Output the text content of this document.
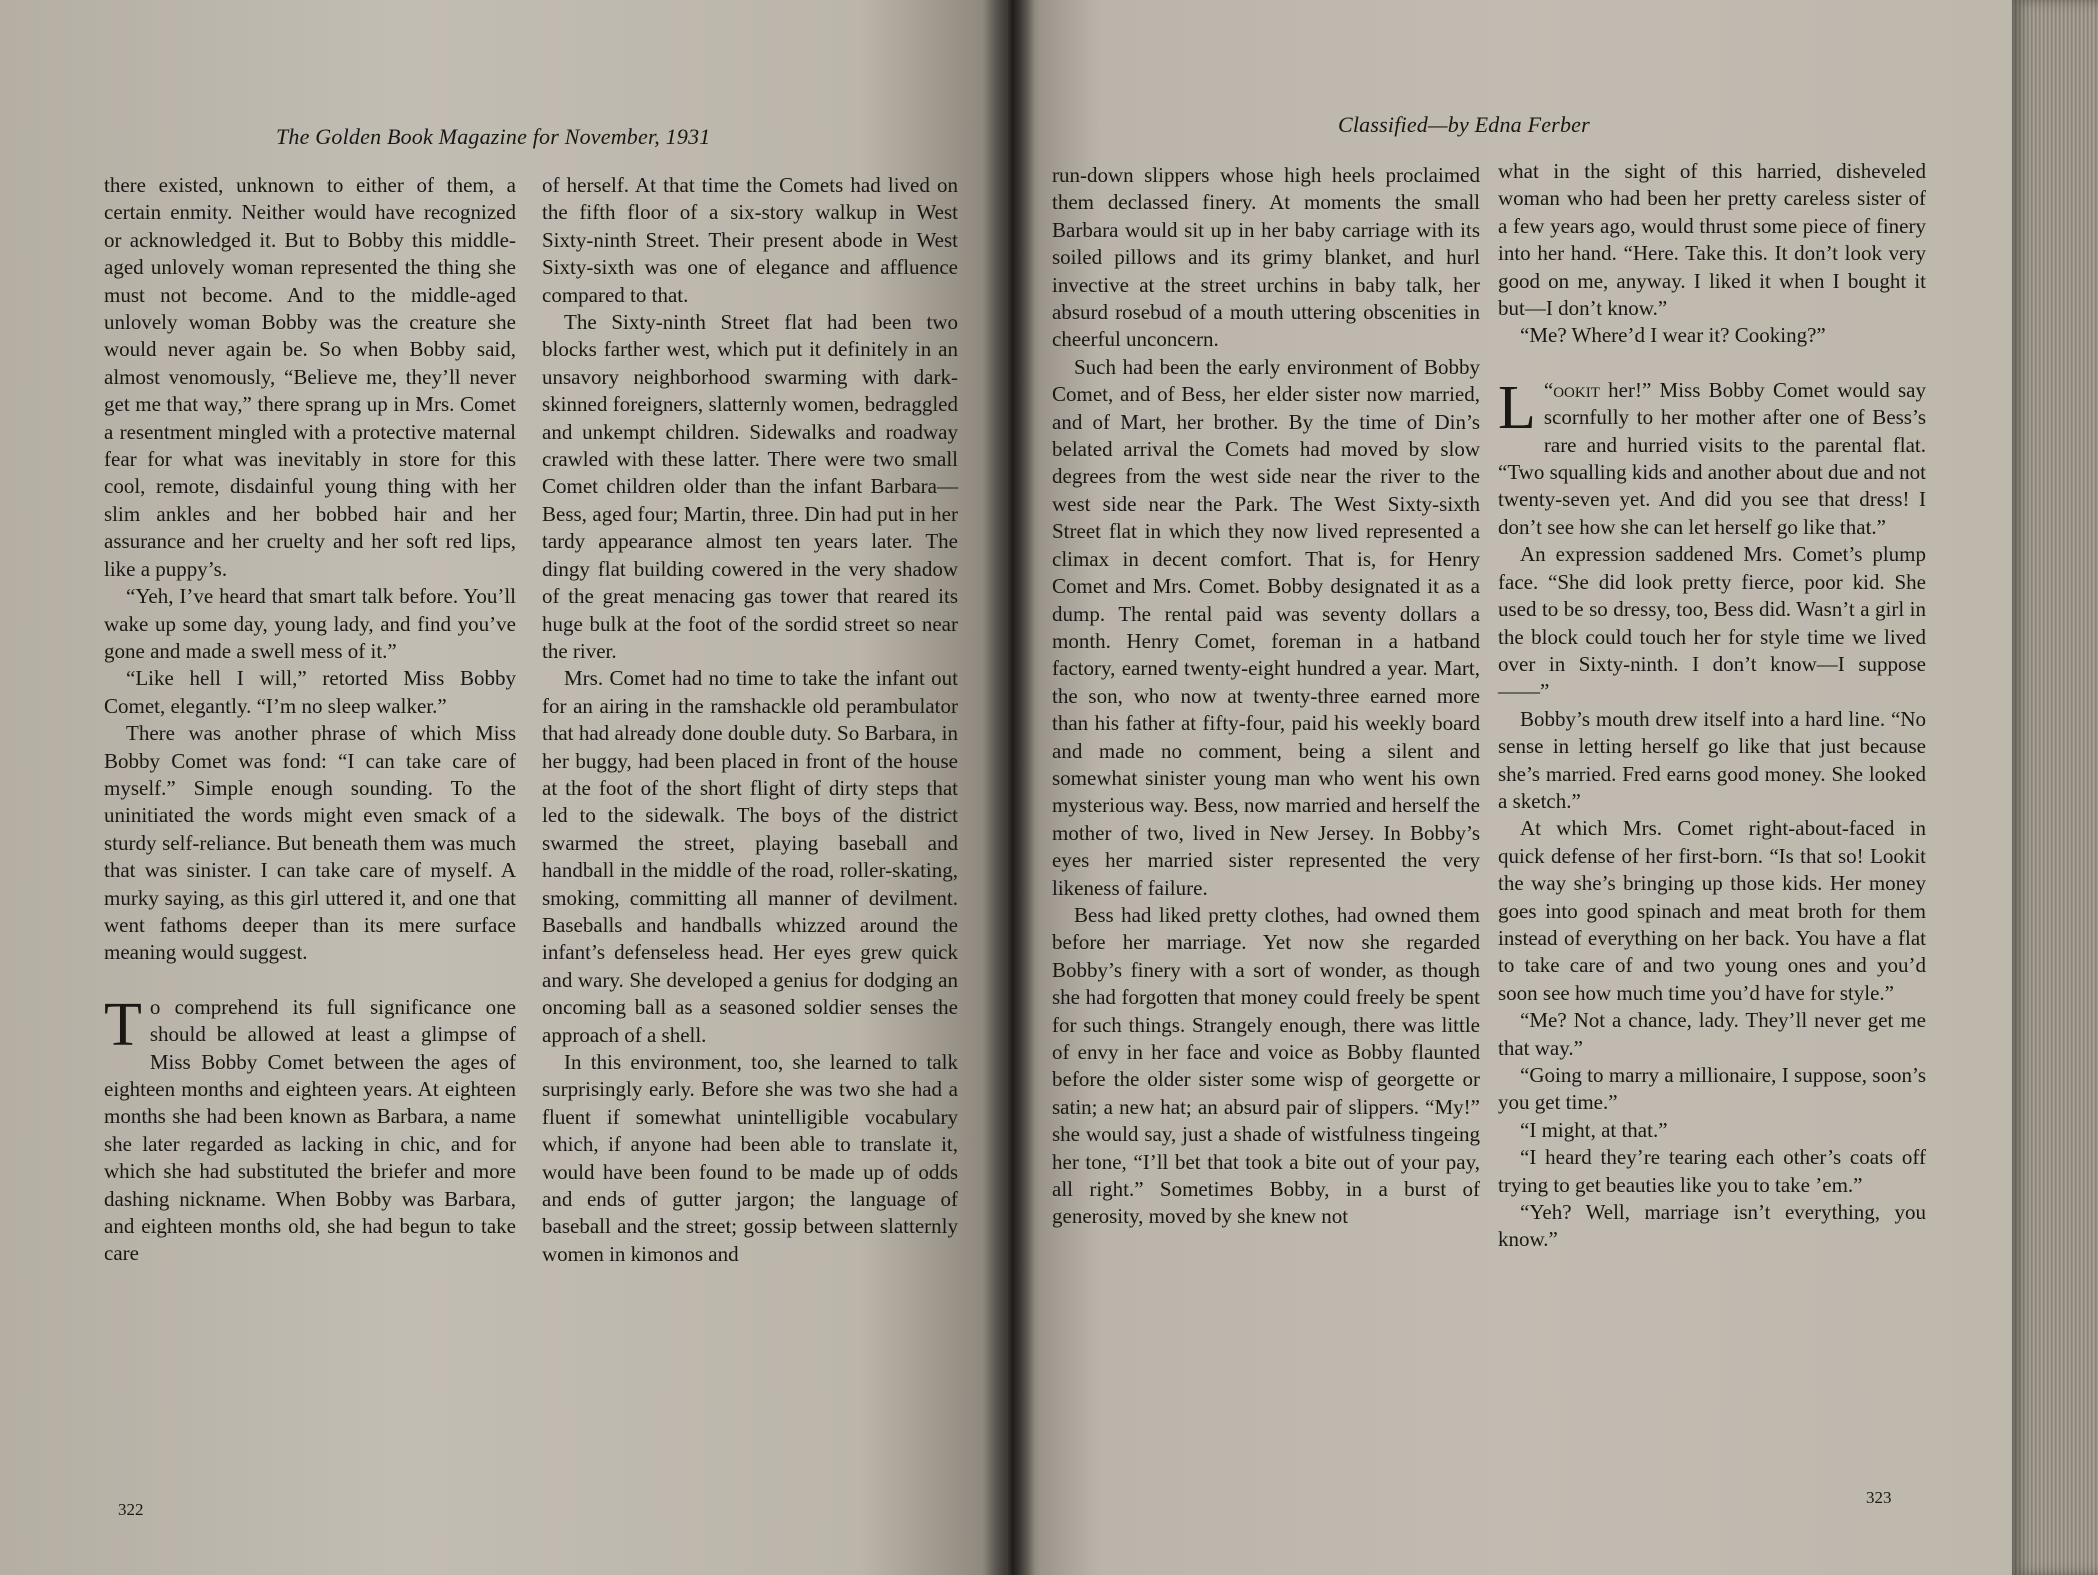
The Golden Book Magazine for November, 1931

there existed, unknown to either of them, a certain enmity. Neither would have recognized or acknowledged it. But to Bobby this middle-aged unlovely woman represented the thing she must not become. And to the middle-aged unlovely woman Bobby was the creature she would never again be. So when Bobby said, almost venomously, “Believe me, they’ll never get me that way,” there sprang up in Mrs. Comet a resentment mingled with a protective maternal fear for what was inevitably in store for this cool, remote, disdainful young thing with her slim ankles and her bobbed hair and her assurance and her cruelty and her soft red lips, like a puppy’s.

“Yeh, I’ve heard that smart talk before. You’ll wake up some day, young lady, and find you’ve gone and made a swell mess of it.”

“Like hell I will,” retorted Miss Bobby Comet, elegantly. “I’m no sleep walker.”

There was another phrase of which Miss Bobby Comet was fond: “I can take care of myself.” Simple enough sounding. To the uninitiated the words might even smack of a sturdy self-reliance. But beneath them was much that was sinister. I can take care of myself. A murky saying, as this girl uttered it, and one that went fathoms deeper than its mere surface meaning would suggest.

To comprehend its full significance one should be allowed at least a glimpse of Miss Bobby Comet between the ages of eighteen months and eighteen years. At eighteen months she had been known as Barbara, a name she later regarded as lacking in chic, and for which she had substituted the briefer and more dashing nickname. When Bobby was Barbara, and eighteen months old, she had begun to take care

of herself. At that time the Comets had lived on the fifth floor of a six-story walkup in West Sixty-ninth Street. Their present abode in West Sixty-sixth was one of elegance and affluence compared to that.

The Sixty-ninth Street flat had been two blocks farther west, which put it definitely in an unsavory neighborhood swarming with dark-skinned foreigners, slatternly women, bedraggled and unkempt children. Sidewalks and roadway crawled with these latter. There were two small Comet children older than the infant Barbara—Bess, aged four; Martin, three. Din had put in her tardy appearance almost ten years later. The dingy flat building cowered in the very shadow of the great menacing gas tower that reared its huge bulk at the foot of the sordid street so near the river.

Mrs. Comet had no time to take the infant out for an airing in the ramshackle old perambulator that had already done double duty. So Barbara, in her buggy, had been placed in front of the house at the foot of the short flight of dirty steps that led to the sidewalk. The boys of the district swarmed the street, playing baseball and handball in the middle of the road, roller-skating, smoking, committing all manner of devilment. Baseballs and handballs whizzed around the infant’s defenseless head. Her eyes grew quick and wary. She developed a genius for dodging an oncoming ball as a seasoned soldier senses the approach of a shell.

In this environment, too, she learned to talk surprisingly early. Before she was two she had a fluent if somewhat unintelligible vocabulary which, if anyone had been able to translate it, would have been found to be made up of odds and ends of gutter jargon; the language of baseball and the street; gossip between slatternly women in kimonos and

322
Classified—by Edna Ferber

run-down slippers whose high heels proclaimed them declassed finery. At moments the small Barbara would sit up in her baby carriage with its soiled pillows and its grimy blanket, and hurl invective at the street urchins in baby talk, her absurd rosebud of a mouth uttering obscenities in cheerful unconcern.

Such had been the early environment of Bobby Comet, and of Bess, her elder sister now married, and of Mart, her brother. By the time of Din’s belated arrival the Comets had moved by slow degrees from the west side near the river to the west side near the Park. The West Sixty-sixth Street flat in which they now lived represented a climax in decent comfort. That is, for Henry Comet and Mrs. Comet. Bobby designated it as a dump. The rental paid was seventy dollars a month. Henry Comet, foreman in a hatband factory, earned twenty-eight hundred a year. Mart, the son, who now at twenty-three earned more than his father at fifty-four, paid his weekly board and made no comment, being a silent and somewhat sinister young man who went his own mysterious way. Bess, now married and herself the mother of two, lived in New Jersey. In Bobby’s eyes her married sister represented the very likeness of failure.

Bess had liked pretty clothes, had owned them before her marriage. Yet now she regarded Bobby’s finery with a sort of wonder, as though she had forgotten that money could freely be spent for such things. Strangely enough, there was little of envy in her face and voice as Bobby flaunted before the older sister some wisp of georgette or satin; a new hat; an absurd pair of slippers. “My!” she would say, just a shade of wistfulness tingeing her tone, “I’ll bet that took a bite out of your pay, all right.” Sometimes Bobby, in a burst of generosity, moved by she knew not

what in the sight of this harried, disheveled woman who had been her pretty careless sister of a few years ago, would thrust some piece of finery into her hand. “Here. Take this. It don’t look very good on me, anyway. I liked it when I bought it but—I don’t know.”

“Me? Where’d I wear it? Cooking?”

“
L ookit her!” Miss Bobby Comet would say scornfully to her mother after one of Bess’s rare and hurried visits to the parental flat. “Two squalling kids and another about due and not twenty-seven yet. And did you see that dress! I don’t see how she can let herself go like that.”

An expression saddened Mrs. Comet’s plump face. “She did look pretty fierce, poor kid. She used to be so dressy, too, Bess did. Wasn’t a girl in the block could touch her for style time we lived over in Sixty-ninth. I don’t know—I suppose——”

Bobby’s mouth drew itself into a hard line. “No sense in letting herself go like that just because she’s married. Fred earns good money. She looked a sketch.”

At which Mrs. Comet right-about-faced in quick defense of her first-born. “Is that so! Lookit the way she’s bringing up those kids. Her money goes into good spinach and meat broth for them instead of everything on her back. You have a flat to take care of and two young ones and you’d soon see how much time you’d have for style.”

“Me? Not a chance, lady. They’ll never get me that way.”

“Going to marry a millionaire, I suppose, soon’s you get time.”

“I might, at that.”

“I heard they’re tearing each other’s coats off trying to get beauties like you to take ’em.”

“Yeh? Well, marriage isn’t everything, you know.”

323
